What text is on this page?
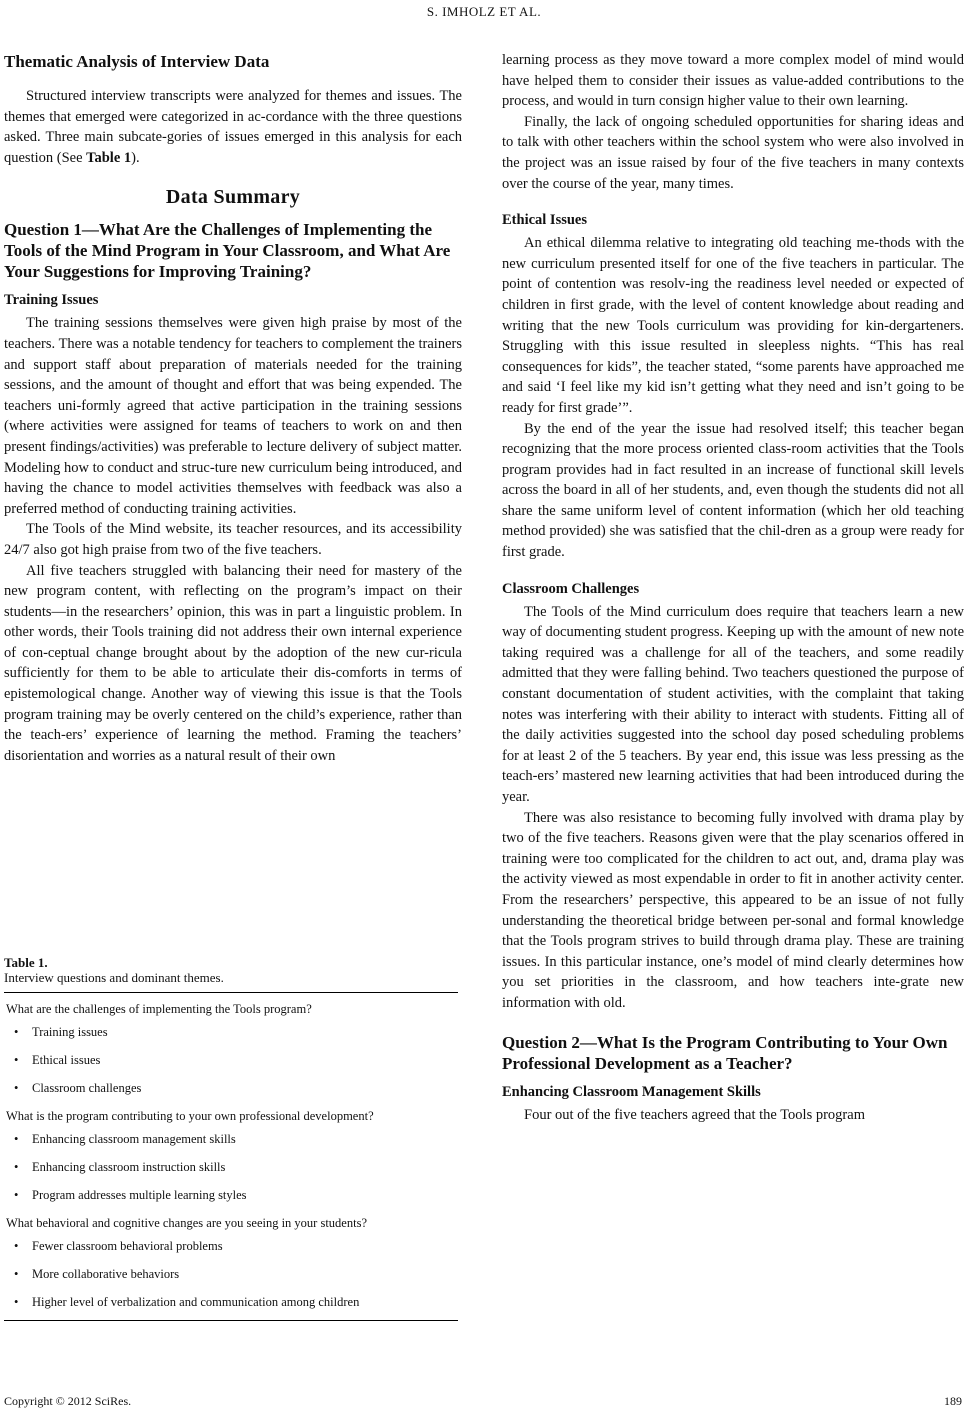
S. IMHOLZ ET AL.
Thematic Analysis of Interview Data

Structured interview transcripts were analyzed for themes and issues. The themes that emerged were categorized in ac-cordance with the three questions asked. Three main subcate-gories of issues emerged in this analysis for each question (See Table 1).

Data Summary
Question 1—What Are the Challenges of Implementing the Tools of the Mind Program in Your Classroom, and What Are Your Suggestions for Improving Training?
Training Issues

The training sessions themselves were given high praise by most of the teachers. There was a notable tendency for teachers to complement the trainers and support staff about preparation of materials needed for the training sessions, and the amount of thought and effort that was being expended. The teachers uni-formly agreed that active participation in the training sessions (where activities were assigned for teams of teachers to work on and then present findings/activities) was preferable to lecture delivery of subject matter. Modeling how to conduct and struc-ture new curriculum being introduced, and having the chance to model activities themselves with feedback was also a preferred method of conducting training activities.

The Tools of the Mind website, its teacher resources, and its accessibility 24/7 also got high praise from two of the five teachers.

All five teachers struggled with balancing their need for mastery of the new program content, with reflecting on the program’s impact on their students—in the researchers’ opinion, this was in part a linguistic problem. In other words, their Tools training did not address their own internal experience of con-ceptual change brought about by the adoption of the new cur-ricula sufficiently for them to be able to articulate their dis-comforts in terms of epistemological change. Another way of viewing this issue is that the Tools program training may be overly centered on the child’s experience, rather than the teach-ers’ experience of learning the method. Framing the teachers’ disorientation and worries as a natural result of their own

Table 1.
Interview questions and dominant themes.
What are the challenges of implementing the Tools program?
• Training issues
• Ethical issues
• Classroom challenges
What is the program contributing to your own professional development?
• Enhancing classroom management skills
• Enhancing classroom instruction skills
• Program addresses multiple learning styles
What behavioral and cognitive changes are you seeing in your students?
• Fewer classroom behavioral problems
• More collaborative behaviors
• Higher level of verbalization and communication among children

learning process as they move toward a more complex model of mind would have helped them to consider their issues as value-added contributions to the process, and would in turn consign higher value to their own learning.

Finally, the lack of ongoing scheduled opportunities for sharing ideas and to talk with other teachers within the school system who were also involved in the project was an issue raised by four of the five teachers in many contexts over the course of the year, many times.

Ethical Issues

An ethical dilemma relative to integrating old teaching me-thods with the new curriculum presented itself for one of the five teachers in particular. The point of contention was resolv-ing the readiness level needed or expected of children in first grade, with the level of content knowledge about reading and writing that the new Tools curriculum was providing for kin-dergarteners. Struggling with this issue resulted in sleepless nights. “This has real consequences for kids”, the teacher stated, “some parents have approached me and said ‘I feel like my kid isn’t getting what they need and isn’t going to be ready for first grade’”.

By the end of the year the issue had resolved itself; this teacher began recognizing that the more process oriented class-room activities that the Tools program provides had in fact resulted in an increase of functional skill levels across the board in all of her students, and, even though the students did not all share the same uniform level of content information (which her old teaching method provided) she was satisfied that the chil-dren as a group were ready for first grade.

Classroom Challenges

The Tools of the Mind curriculum does require that teachers learn a new way of documenting student progress. Keeping up with the amount of new note taking required was a challenge for all of the teachers, and some readily admitted that they were falling behind. Two teachers questioned the purpose of constant documentation of student activities, with the complaint that taking notes was interfering with their ability to interact with students. Fitting all of the daily activities suggested into the school day posed scheduling problems for at least 2 of the 5 teachers. By year end, this issue was less pressing as the teach-ers’ mastered new learning activities that had been introduced during the year.

There was also resistance to becoming fully involved with drama play by two of the five teachers. Reasons given were that the play scenarios offered in training were too complicated for the children to act out, and, drama play was the activity viewed as most expendable in order to fit in another activity center. From the researchers’ perspective, this appeared to be an issue of not fully understanding the theoretical bridge between per-sonal and formal knowledge that the Tools program strives to build through drama play. These are training issues. In this particular instance, one’s model of mind clearly determines how you set priorities in the classroom, and how teachers inte-grate new information with old.

Question 2—What Is the Program Contributing to Your Own Professional Development as a Teacher?
Enhancing Classroom Management Skills

Four out of the five teachers agreed that the Tools program

Copyright © 2012 SciRes.	189
